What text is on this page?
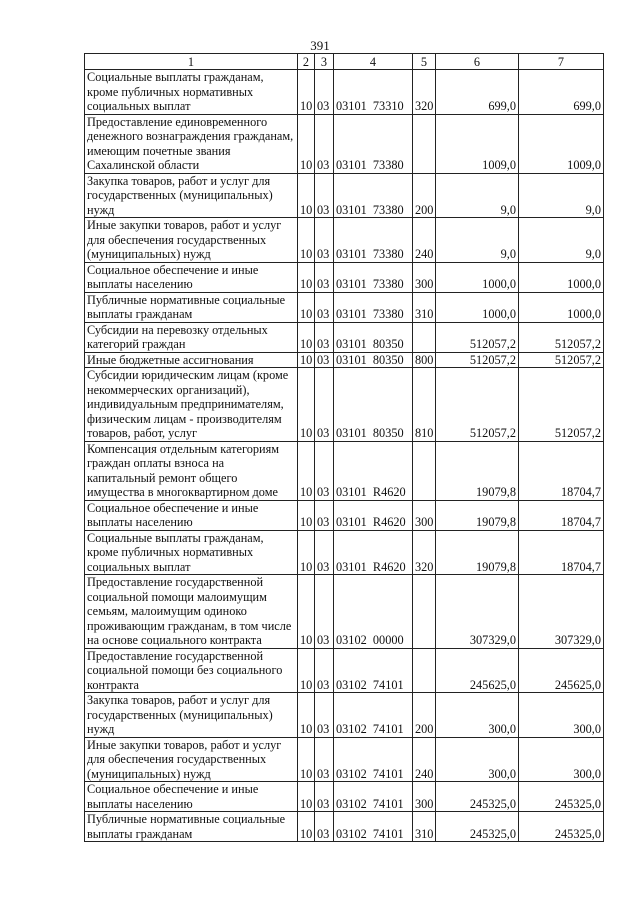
391
1	2	3	4	5	6	7
Социальные выплаты гражданам, кроме публичных нормативных социальных выплат	10	03	03101  73310	320	699,0	699,0
Предоставление единовременного денежного вознаграждения гражданам, имеющим почетные звания Сахалинской области	10	03	03101  73380		1009,0	1009,0
Закупка товаров, работ и услуг для государственных (муниципальных) нужд	10	03	03101  73380	200	9,0	9,0
Иные закупки товаров, работ и услуг для обеспечения государственных (муниципальных) нужд	10	03	03101  73380	240	9,0	9,0
Социальное обеспечение и иные выплаты населению	10	03	03101  73380	300	1000,0	1000,0
Публичные нормативные социальные выплаты гражданам	10	03	03101  73380	310	1000,0	1000,0
Субсидии на перевозку отдельных категорий граждан	10	03	03101  80350		512057,2	512057,2
Иные бюджетные ассигнования	10	03	03101  80350	800	512057,2	512057,2
Субсидии юридическим лицам (кроме некоммерческих организаций), индивидуальным предпринимателям, физическим лицам - производителям товаров, работ, услуг	10	03	03101  80350	810	512057,2	512057,2
Компенсация отдельным категориям граждан оплаты взноса на капитальный ремонт общего имущества в многоквартирном доме	10	03	03101  R4620		19079,8	18704,7
Социальное обеспечение и иные выплаты населению	10	03	03101  R4620	300	19079,8	18704,7
Социальные выплаты гражданам, кроме публичных нормативных социальных выплат	10	03	03101  R4620	320	19079,8	18704,7
Предоставление государственной социальной помощи малоимущим семьям, малоимущим одиноко проживающим гражданам, в том числе на основе социального контракта	10	03	03102  00000		307329,0	307329,0
Предоставление государственной социальной помощи без социального контракта	10	03	03102  74101		245625,0	245625,0
Закупка товаров, работ и услуг для государственных (муниципальных) нужд	10	03	03102  74101	200	300,0	300,0
Иные закупки товаров, работ и услуг для обеспечения государственных (муниципальных) нужд	10	03	03102  74101	240	300,0	300,0
Социальное обеспечение и иные выплаты населению	10	03	03102  74101	300	245325,0	245325,0
Публичные нормативные социальные выплаты гражданам	10	03	03102  74101	310	245325,0	245325,0
